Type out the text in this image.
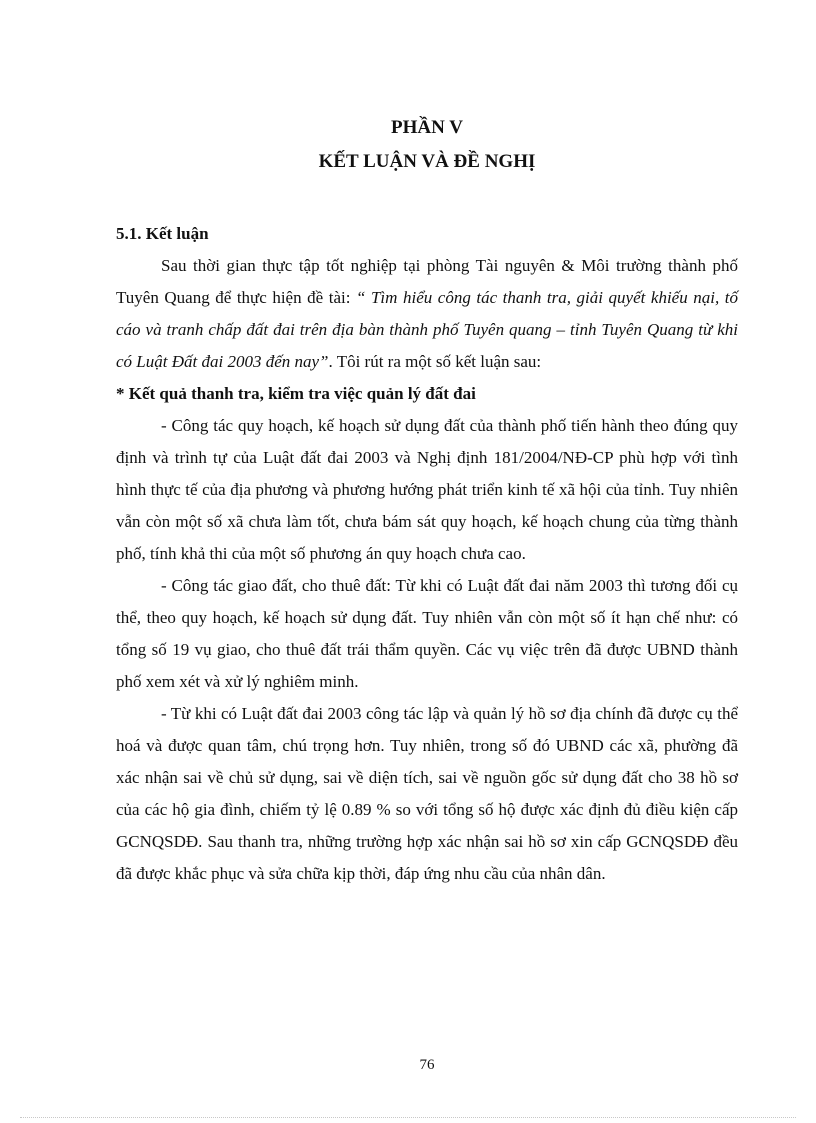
PHẦN V
KẾT LUẬN VÀ ĐỀ NGHỊ

5.1. Kết luận

Sau thời gian thực tập tốt nghiệp tại phòng Tài nguyên & Môi trường thành phố Tuyên Quang để thực hiện đề tài: “ Tìm hiểu công tác thanh tra, giải quyết khiếu nại, tố cáo và tranh chấp đất đai trên địa bàn thành phố Tuyên quang – tỉnh Tuyên Quang từ khi có Luật Đất đai 2003 đến nay”. Tôi rút ra một số kết luận sau:

* Kết quả thanh tra, kiểm tra việc quản lý đất đai

- Công tác quy hoạch, kế hoạch sử dụng đất của thành phố tiến hành theo đúng quy định và trình tự của Luật đất đai 2003 và Nghị định 181/2004/NĐ-CP phù hợp với tình hình thực tế của địa phương và phương hướng phát triển kinh tế xã hội của tỉnh. Tuy nhiên vẫn còn một số xã chưa làm tốt, chưa bám sát quy hoạch, kế hoạch chung của từng thành phố, tính khả thi của một số phương án quy hoạch chưa cao.

- Công tác giao đất, cho thuê đất: Từ khi có Luật đất đai năm 2003 thì tương đối cụ thể, theo quy hoạch, kế hoạch sử dụng đất. Tuy nhiên vẫn còn một số ít hạn chế như: có tổng số 19 vụ giao, cho thuê đất trái thẩm quyền. Các vụ việc trên đã được UBND thành phố xem xét và xử lý nghiêm minh.

- Từ khi có Luật đất đai 2003 công tác lập và quản lý hồ sơ địa chính đã được cụ thể hoá và được quan tâm, chú trọng hơn. Tuy nhiên, trong số đó UBND các xã, phường đã xác nhận sai về chủ sử dụng, sai về diện tích, sai về nguồn gốc sử dụng đất cho 38 hồ sơ của các hộ gia đình, chiếm tỷ lệ 0.89 % so với tổng số hộ được xác định đủ điều kiện cấp GCNQSDĐ. Sau thanh tra, những trường hợp xác nhận sai hồ sơ xin cấp GCNQSDĐ đều đã được khắc phục và sửa chữa kịp thời, đáp ứng nhu cầu của nhân dân.

76
